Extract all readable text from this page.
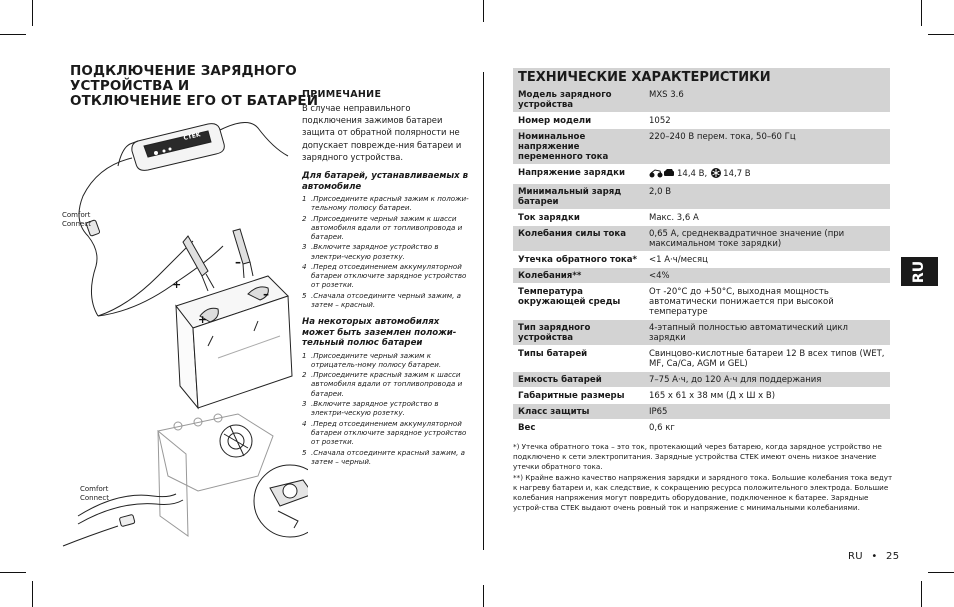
ПОДКЛЮЧЕНИЕ ЗАРЯДНОГО УСТРОЙСТВА И
ОТКЛЮЧЕНИЕ ЕГО ОТ БАТАРЕИ
CTEK
+
–
+
–
Comfort
Connect
Comfort
Connect
ПРИМЕЧАНИЕ
В случае неправильного подключения зажимов батареи защита от обратной полярности не допускает поврежде-ния батареи и зарядного устройства.
Для батарей, устанавливаемых в автомобиле
1 .Присоедините красный зажим к положи-тельному полюсу батареи.
2 .Присоедините черный зажим к шасси автомобиля вдали от топливопровода и батареи.
3 .Включите зарядное устройство в электри-ческую розетку.
4 .Перед отсоединением аккумуляторной батареи отключите зарядное устройство от розетки.
5 .Сначала отсоедините черный зажим, а затем – красный.
На некоторых автомобилях может быть заземлен положи-тельный полюс батареи
1 .Присоедините черный зажим к отрицатель-ному полюсу батареи.
2 .Присоедините красный зажим к шасси автомобиля вдали от топливопровода и батареи.
3 .Включите зарядное устройство в электри-ческую розетку.
4 .Перед отсоединением аккумуляторной батареи отключите зарядное устройство от розетки.
5 .Сначала отсоедините красный зажим, а затем – черный.
ТЕХНИЧЕСКИЕ ХАРАКТЕРИСТИКИ
Модель зарядного устройства	MXS 3.6
Номер модели	1052
Номинальное напряжение переменного тока	220–240 В перем. тока, 50–60 Гц
Напряжение зарядки	14,4 В, 14,7 В
Минимальный заряд батареи	2,0 В
Ток зарядки	Макс. 3,6 А
Колебания силы тока	0,65 А, среднеквадратичное значение (при максимальном токе зарядки)
Утечка обратного тока*	<1 А·ч/месяц
Колебания**	<4%
Температура окружающей среды	От -20°C до +50°C, выходная мощность автоматически понижается при высокой температуре
Тип зарядного устройства	4-этапный полностью автоматический цикл зарядки
Типы батарей	Свинцово-кислотные батареи 12 В всех типов (WET, MF, Ca/Ca, AGM и GEL)
Емкость батарей	7–75 А·ч, до 120 А·ч для поддержания
Габаритные размеры	165 x 61 x 38 мм (Д x Ш x В)
Класс защиты	IP65
Вес	0,6 кг

*) Утечка обратного тока – это ток, протекающий через батарею, когда зарядное устройство не подключено к сети электропитания. Зарядные устройства CTEK имеют очень низкое значение утечки обратного тока.

**) Крайне важно качество напряжения зарядки и зарядного тока. Большие колебания тока ведут к нагреву батареи и, как следствие, к сокращению ресурса положительного электрода. Большие колебания напряжения могут повредить оборудование, подключенное к батарее. Зарядные устрой-ства CTEK выдают очень ровный ток и напряжение с минимальными колебаниями.

RU
RU • 25
